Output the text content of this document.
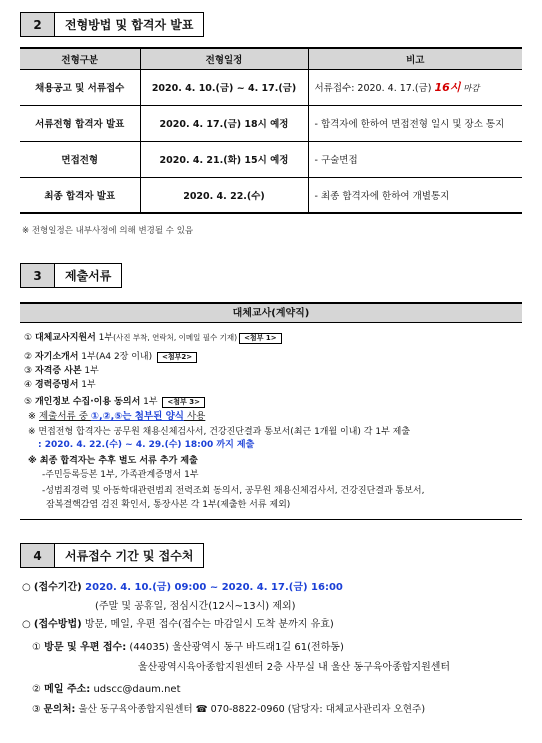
2	전형방법 및 합격자 발표
전형구분	전형일정	비고
채용공고 및 서류접수	2020. 4. 10.(금) ~ 4. 17.(금)	서류접수: 2020. 4. 17.(금) 16시 마감
서류전형 합격자 발표	2020. 4. 17.(금) 18시 예정	- 합격자에 한하여 면접전형 일시 및 장소 통지
면접전형	2020. 4. 21.(화) 15시 예정	- 구술면접
최종 합격자 발표	2020. 4. 22.(수)	- 최종 합격자에 한하여 개별통지
※ 전형일정은 내부사정에 의해 변경될 수 있음
3	제출서류
대체교사(계약직)
① 대체교사지원서 1부(사진 부착, 연락처, 이메일 필수 기재) <첨부 1>
② 자기소개서 1부(A4 2장 이내) <첨부2>
③ 자격증 사본 1부
④ 경력증명서 1부
⑤ 개인정보 수집·이용 동의서 1부 <첨부 3>
※ 제출서류 중 ①,②,⑤는 첨부된 양식 사용
※ 면접전형 합격자는 공무원 채용신체검사서, 건강진단결과 통보서(최근 1개월 이내) 각 1부 제출
: 2020. 4. 22.(수) ~ 4. 29.(수) 18:00 까지 제출
※ 최종 합격자는 추후 별도 서류 추가 제출
-주민등록등본 1부, 가족관계증명서 1부
-성범죄경력 및 아동학대관련범죄 전력조회 동의서, 공무원 채용신체검사서, 건강진단결과 통보서,
잠복결핵감염 검진 확인서, 통장사본 각 1부(제출한 서류 제외)
4	서류접수 기간 및 접수처
○ (접수기간) 2020. 4. 10.(금) 09:00 ~ 2020. 4. 17.(금) 16:00
(주말 및 공휴일, 점심시간(12시~13시) 제외)
○ (접수방법) 방문, 메일, 우편 접수(접수는 마감일시 도착 분까지 유효)
① 방문 및 우편 접수: (44035) 울산광역시 동구 바드래1길 61(전하동)
울산광역시육아종합지원센터 2층 사무실 내 울산 동구육아종합지원센터
② 메일 주소: udscc@daum.net
③ 문의처: 울산 동구육아종합지원센터 ☎ 070-8822-0960 (담당자: 대체교사관리자 오현주)
